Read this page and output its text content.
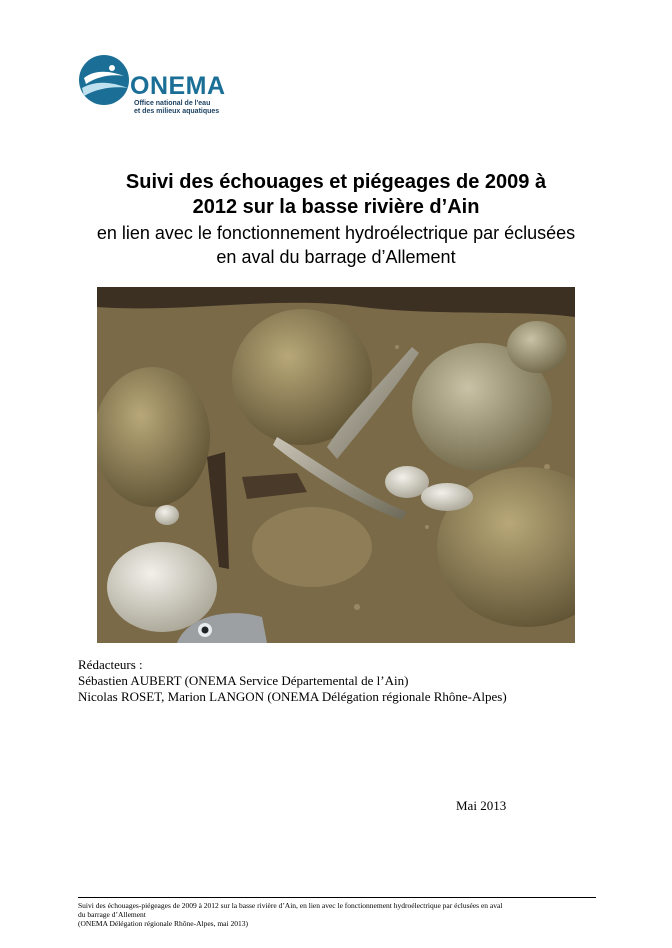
ONEMA
Office national de l'eau
et des milieux aquatiques
Suivi des échouages et piégeages de 2009 à
2012 sur la basse rivière d’Ain
en lien avec le fonctionnement hydroélectrique par éclusées
en aval du barrage d’Allement
Rédacteurs :
Sébastien AUBERT (ONEMA Service Départemental de l’Ain)
Nicolas ROSET, Marion LANGON (ONEMA Délégation régionale Rhône-Alpes)
Mai 2013
Suivi des échouages-piégeages de 2009 à 2012 sur la basse rivière d’Ain, en lien avec le fonctionnement hydroélectrique par éclusées en aval
du barrage d’Allement
(ONEMA Délégation régionale Rhône-Alpes, mai 2013)
